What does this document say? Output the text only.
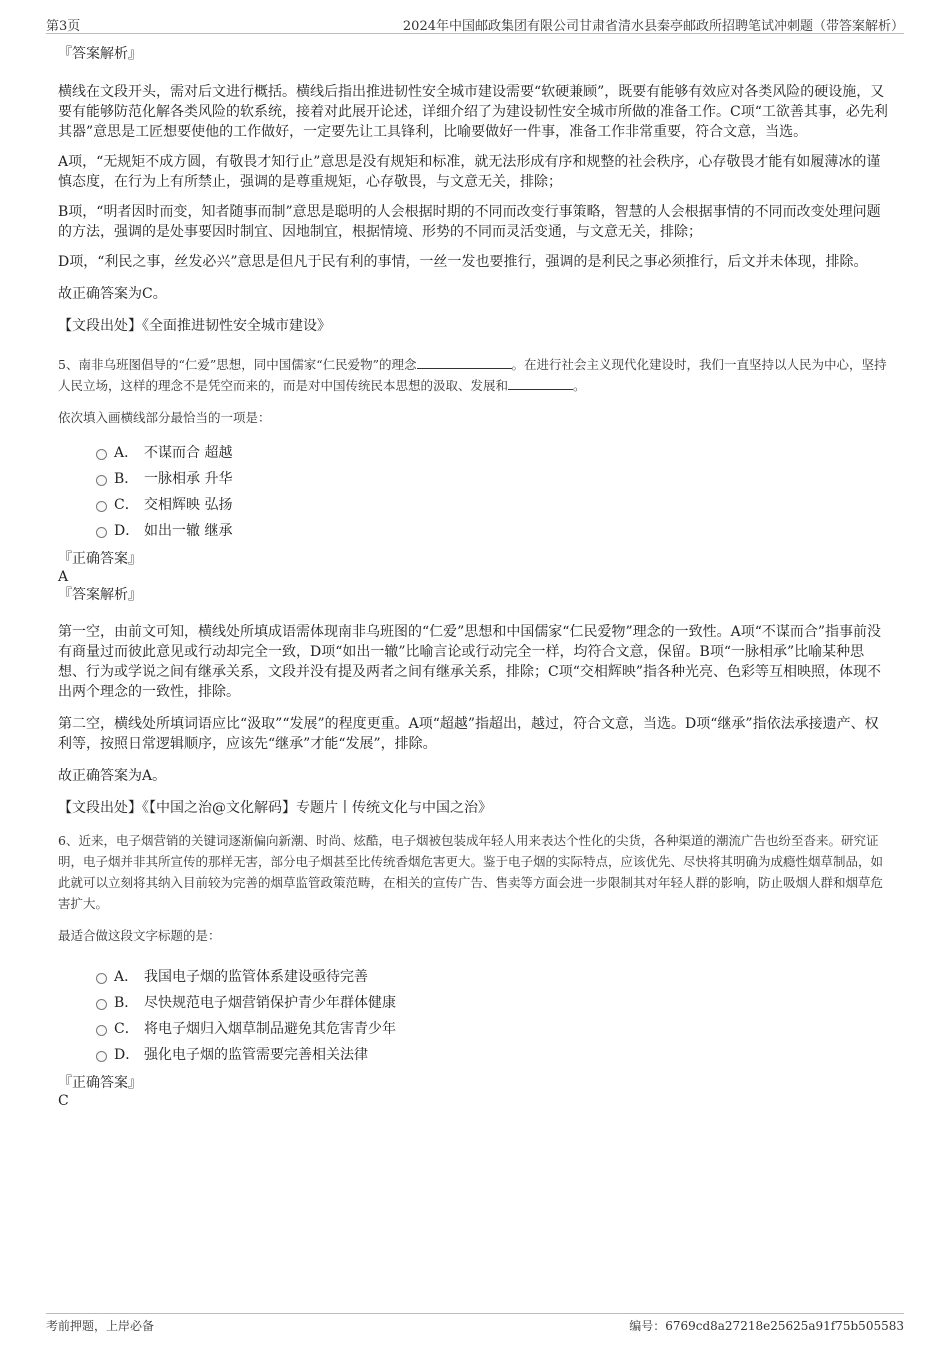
第3页	2024年中国邮政集团有限公司甘肃省清水县秦亭邮政所招聘笔试冲刺题（带答案解析）

『答案解析』

横线在文段开头，需对后文进行概括。横线后指出推进韧性安全城市建设需要“软硬兼顾”，既要有能够有效应对各类风险的硬设施，又要有能够防范化解各类风险的软系统，接着对此展开论述，详细介绍了为建设韧性安全城市所做的准备工作。C项“工欲善其事，必先利其器”意思是工匠想要使他的工作做好，一定要先让工具锋利，比喻要做好一件事，准备工作非常重要，符合文意，当选。

A项，“无规矩不成方圆，有敬畏才知行止”意思是没有规矩和标准，就无法形成有序和规整的社会秩序，心存敬畏才能有如履薄冰的谨慎态度，在行为上有所禁止，强调的是尊重规矩，心存敬畏，与文意无关，排除；

B项，“明者因时而变，知者随事而制”意思是聪明的人会根据时期的不同而改变行事策略，智慧的人会根据事情的不同而改变处理问题的方法，强调的是处事要因时制宜、因地制宜，根据情境、形势的不同而灵活变通，与文意无关，排除；

D项，“利民之事，丝发必兴”意思是但凡于民有利的事情，一丝一发也要推行，强调的是利民之事必须推行，后文并未体现，排除。

故正确答案为C。

【文段出处】《全面推进韧性安全城市建设》

5、南非乌班图倡导的“仁爱”思想，同中国儒家“仁民爱物”的理念	。在进行社会主义现代化建设时，我们一直坚持以人民为中心，坚持人民立场，这样的理念不是凭空而来的，而是对中国传统民本思想的汲取、发展和	。

依次填入画横线部分最恰当的一项是：

A． 不谋而合 超越
B． 一脉相承 升华
C． 交相辉映 弘扬
D． 如出一辙 继承

『正确答案』

A

『答案解析』

第一空，由前文可知，横线处所填成语需体现南非乌班图的“仁爱”思想和中国儒家“仁民爱物”理念的一致性。A项“不谋而合”指事前没有商量过而彼此意见或行动却完全一致，D项“如出一辙”比喻言论或行动完全一样，均符合文意，保留。B项“一脉相承”比喻某种思想、行为或学说之间有继承关系，文段并没有提及两者之间有继承关系，排除；C项“交相辉映”指各种光亮、色彩等互相映照，体现不出两个理念的一致性，排除。

第二空，横线处所填词语应比“汲取”“发展”的程度更重。A项“超越”指超出，越过，符合文意，当选。D项“继承”指依法承接遗产、权利等，按照日常逻辑顺序，应该先“继承”才能“发展”，排除。

故正确答案为A。

【文段出处】《【中国之治@文化解码】专题片丨传统文化与中国之治》

6、近来，电子烟营销的关键词逐渐偏向新潮、时尚、炫酷，电子烟被包装成年轻人用来表达个性化的尖货，各种渠道的潮流广告也纷至沓来。研究证明，电子烟并非其所宣传的那样无害，部分电子烟甚至比传统香烟危害更大。鉴于电子烟的实际特点，应该优先、尽快将其明确为成瘾性烟草制品，如此就可以立刻将其纳入目前较为完善的烟草监管政策范畴，在相关的宣传广告、售卖等方面会进一步限制其对年轻人群的影响，防止吸烟人群和烟草危害扩大。

最适合做这段文字标题的是：

A． 我国电子烟的监管体系建设亟待完善
B． 尽快规范电子烟营销保护青少年群体健康
C． 将电子烟归入烟草制品避免其危害青少年
D． 强化电子烟的监管需要完善相关法律

『正确答案』

C

考前押题，上岸必备	编号：6769cd8a27218e25625a91f75b505583
